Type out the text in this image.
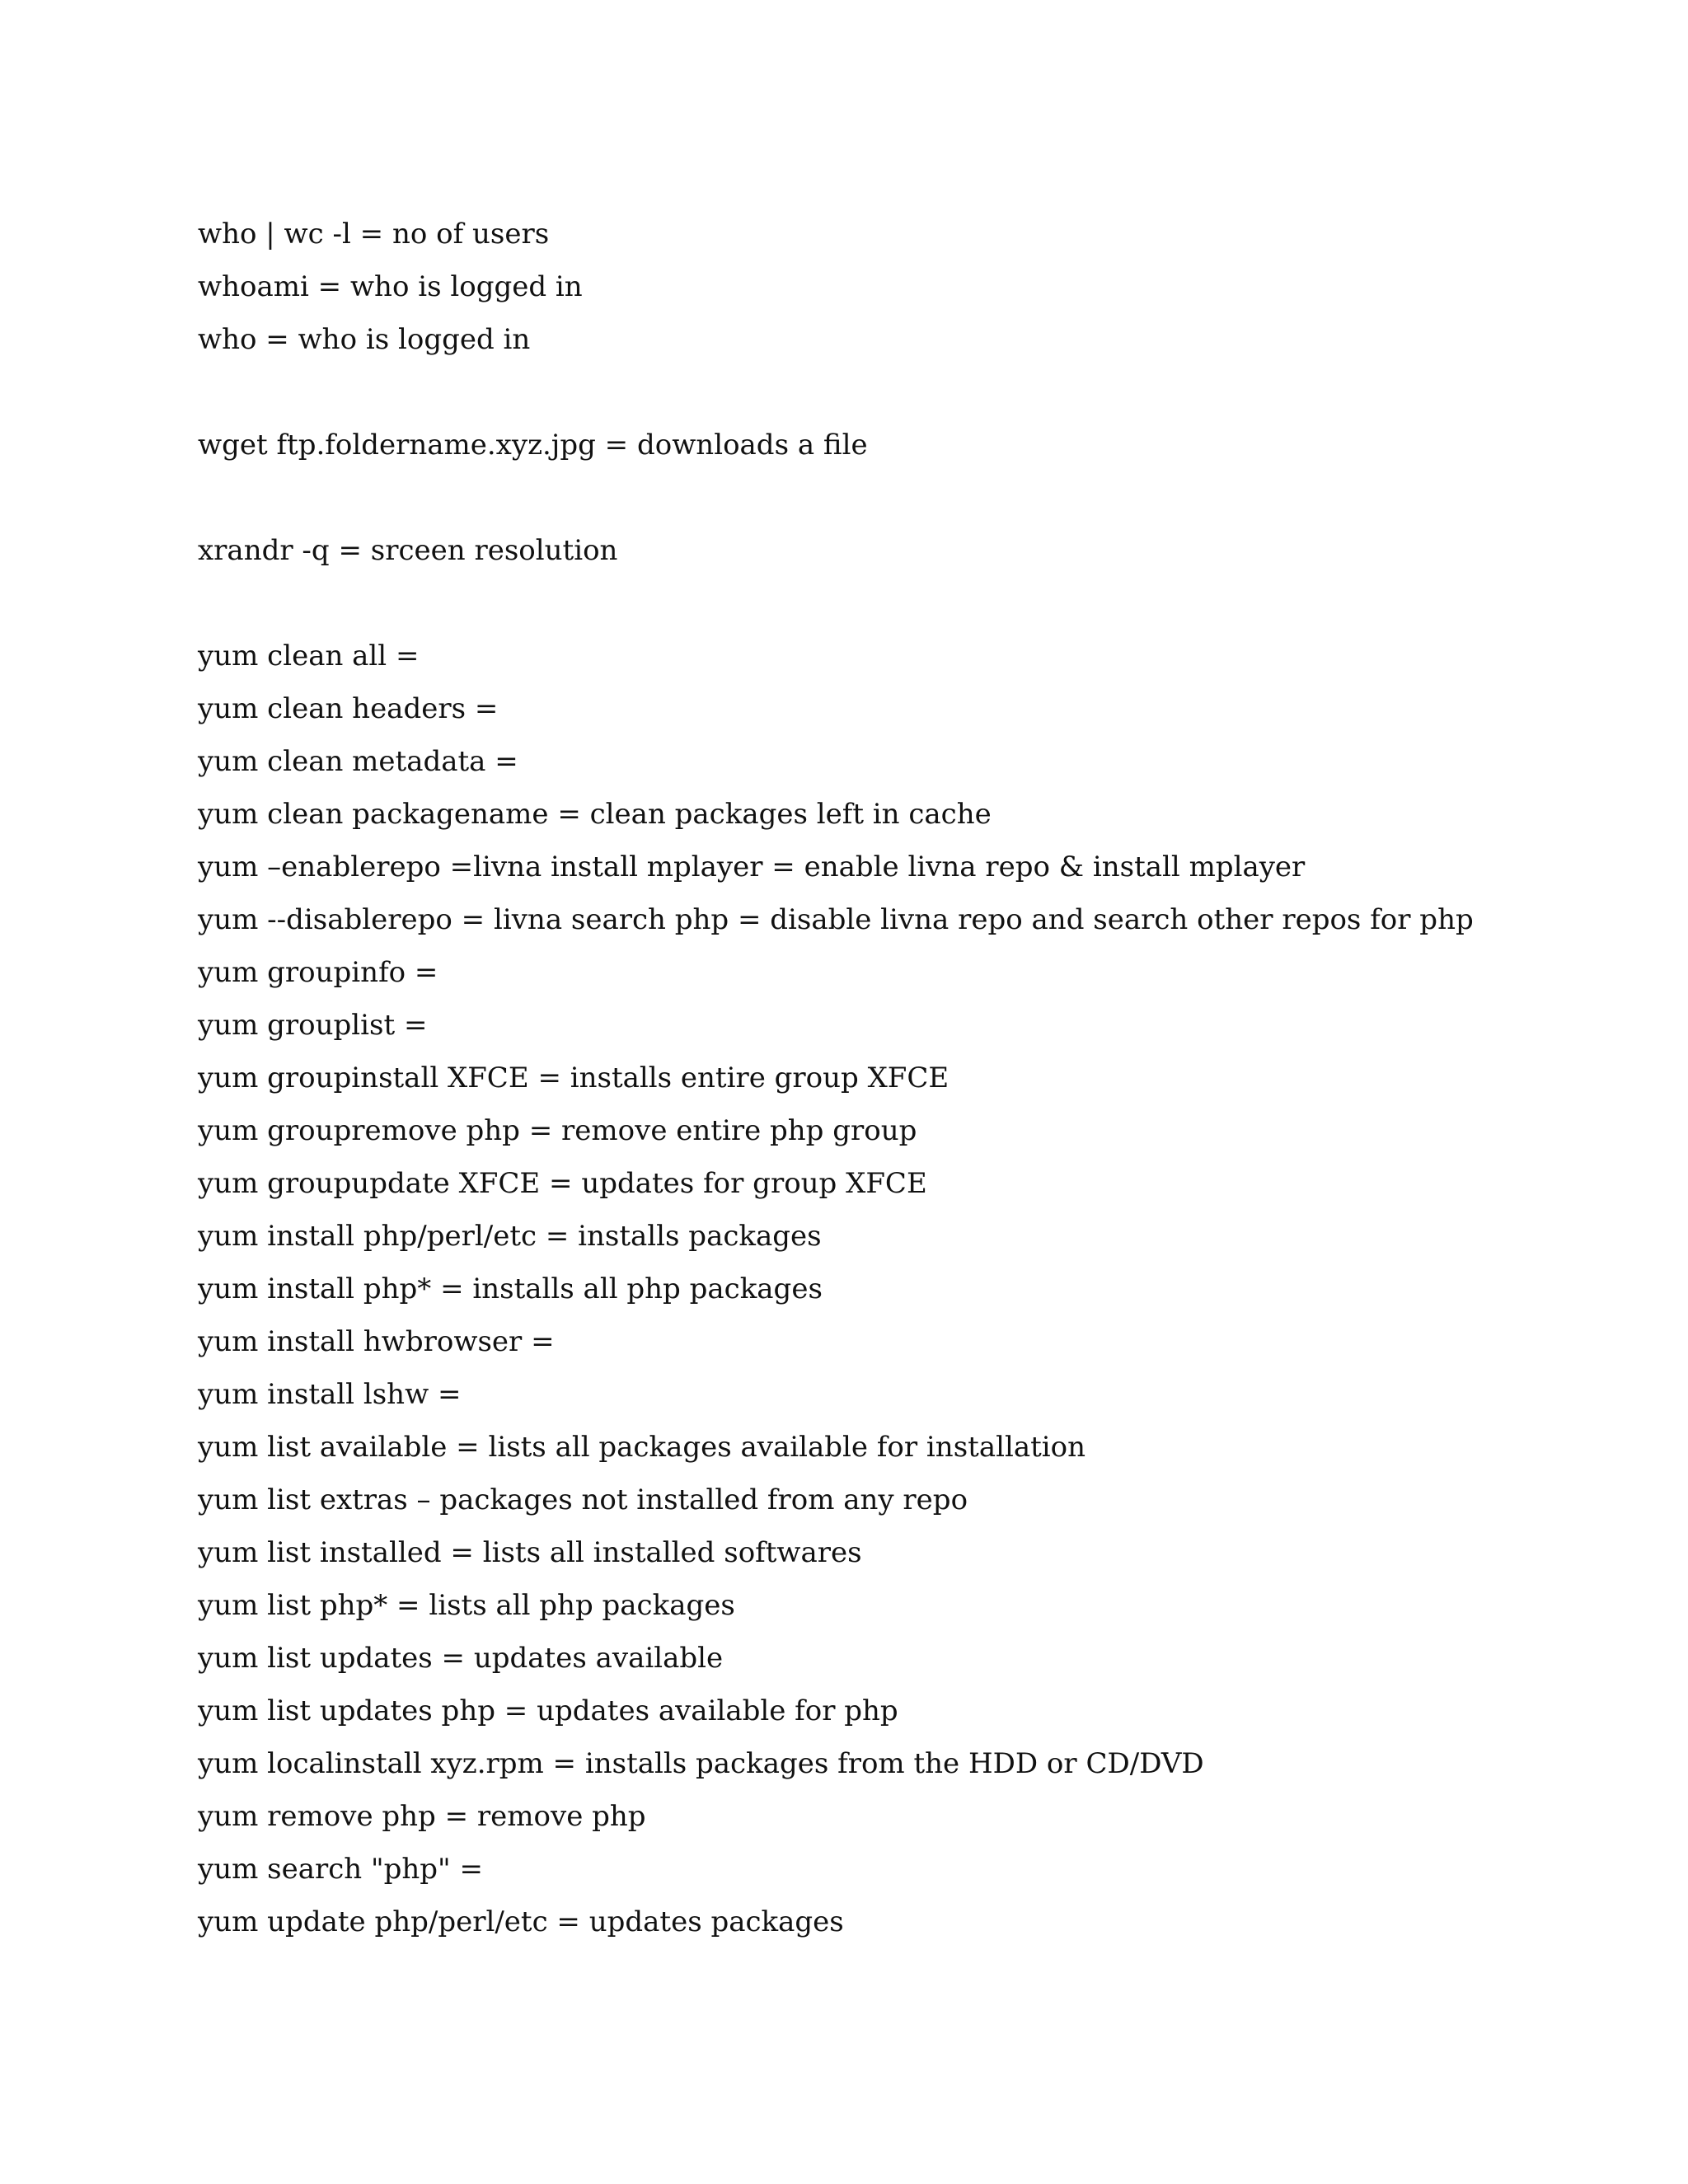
who | wc -l = no of users
whoami = who is logged in
who = who is logged in
wget ftp.foldername.xyz.jpg = downloads a file
xrandr -q = srceen resolution
yum clean all =
yum clean headers =
yum clean metadata =
yum clean packagename = clean packages left in cache
yum –enablerepo =livna install mplayer = enable livna repo & install mplayer
yum --disablerepo = livna search php = disable livna repo and search other repos for php
yum groupinfo =
yum grouplist =
yum groupinstall XFCE = installs entire group XFCE
yum groupremove php = remove entire php group
yum groupupdate XFCE = updates for group XFCE
yum install php/perl/etc = installs packages
yum install php* = installs all php packages
yum install hwbrowser =
yum install lshw =
yum list available = lists all packages available for installation
yum list extras – packages not installed from any repo
yum list installed = lists all installed softwares
yum list php* = lists all php packages
yum list updates = updates available
yum list updates php = updates available for php
yum localinstall xyz.rpm = installs packages from the HDD or CD/DVD
yum remove php = remove php
yum search "php" =
yum update php/perl/etc = updates packages
